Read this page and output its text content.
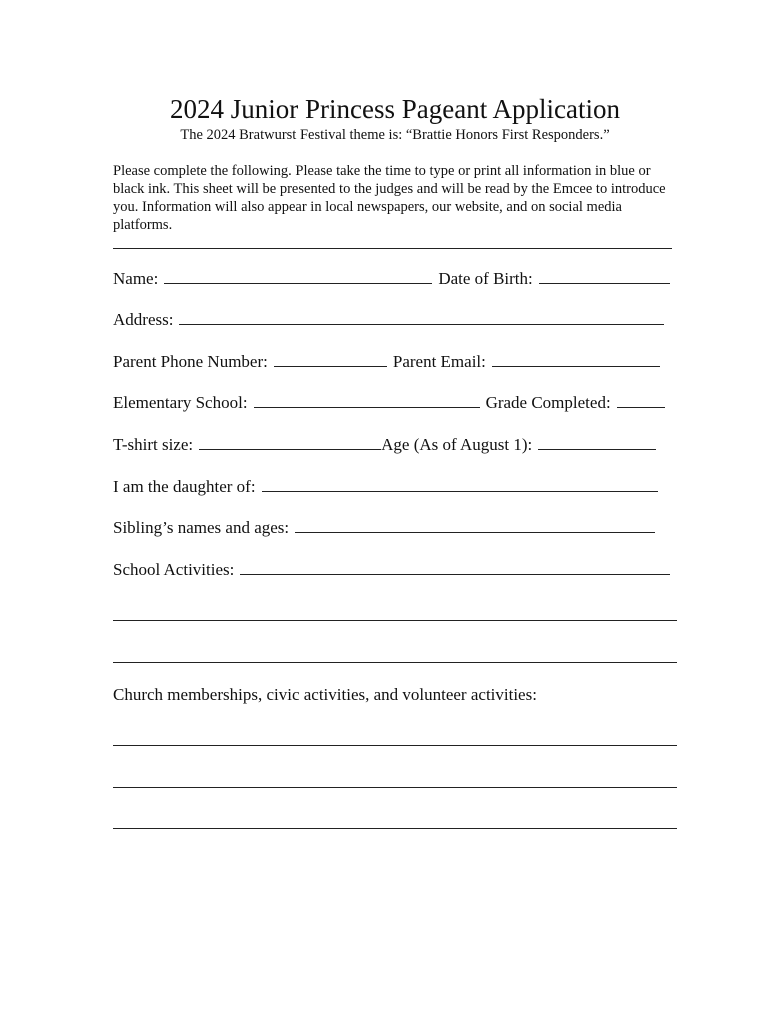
2024 Junior Princess Pageant Application
The 2024 Bratwurst Festival theme is: “Brattie Honors First Responders.”
Please complete the following. Please take the time to type or print all information in blue or black ink. This sheet will be presented to the judges and will be read by the Emcee to introduce you. Information will also appear in local newspapers, our website, and on social media platforms.
Name:	Date of Birth:
Address:
Parent Phone Number:	Parent Email:
Elementary School:	Grade Completed:
T-shirt size:	Age (As of August 1):
I am the daughter of:
Sibling’s names and ages:
School Activities:
Church memberships, civic activities, and volunteer activities:
